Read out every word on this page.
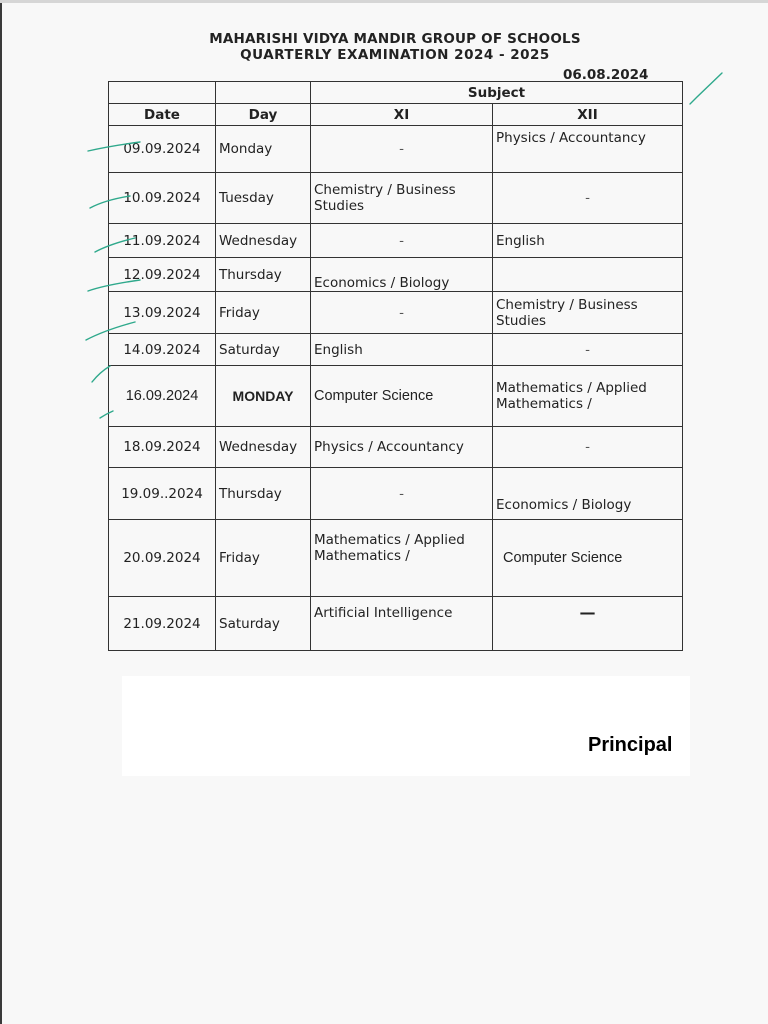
MAHARISHI VIDYA MANDIR GROUP OF SCHOOLS
QUARTERLY EXAMINATION 2024 - 2025
06.08.2024
		Subject	
Date	Day	XI	XII
09.09.2024	Monday	-	Physics / Accountancy
10.09.2024	Tuesday	Chemistry / Business Studies	-
11.09.2024	Wednesday	-	English
12.09.2024	Thursday	Economics / Biology	
13.09.2024	Friday	-	Chemistry / Business Studies
14.09.2024	Saturday	English	-
16.09.2024	MONDAY	Computer Science	Mathematics / Applied Mathematics /
18.09.2024	Wednesday	Physics / Accountancy	-
19.09..2024	Thursday	-	Economics / Biology
20.09.2024	Friday	Mathematics / Applied Mathematics /	Computer Science
21.09.2024	Saturday	Artificial Intelligence	—
Principal
